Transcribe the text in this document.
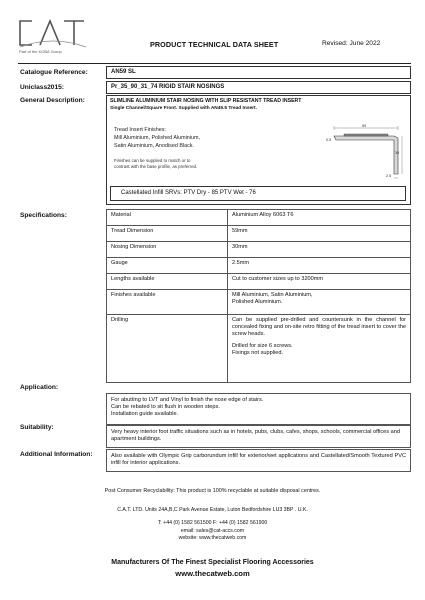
Part of the KOBA Group
PRODUCT TECHNICAL DATA SHEET	Revised: June 2022
Catalogue Reference:	AN59 SL
Uniclass2015:	Pr_35_90_31_74 RIGID STAIR NOSINGS
General Description:	SLIMLINE ALUMINIUM STAIR NOSING WITH SLIP RESISTANT TREAD INSERT
Single Channel/Square Front. Supplied with AN49.5 Tread Insert.
Tread Insert Finishes:
Mill Aluminium, Polished Aluminium,
Satin Aluminium, Anodised Black.
Finishes can be supplied to match or to
contrast with the base profile, as preferred.
59
0.5
30
2.5
Castellated Infill SRVs: PTV Dry - 85 PTV Wet - 76
Specifications:	Material	Aluminium Alloy 6063 T6
Tread Dimension	59mm
Nosing Dimension	30mm
Gauge	2.5mm
Lengths available	Cut to customer sizes up to 3200mm
Finishes available	Mill Aluminium, Satin Aluminium,
Polished Aluminium.

Drilling	Can be supplied pre-drilled and countersunk in the channel for concealed fixing and on-site retro fitting of the tread insert to cover the screw heads.
Drilled for size 6 screws.
Fixings not supplied.
Application:
For abutting to LVT and Vinyl to finish the nose edge of stairs.
Can be rebated to sit flush in wooden steps.
Installation guide available.
Suitability:
Very heavy interior foot traffic situations such as in hotels, pubs, clubs, cafes, shops, schools, commercial offices and apartment buildings.
Additional Information:	Also available with Olympic Grip carborundum infill for exterior/wet applications and Castellated/Smooth Textured PVC infill for interior applications.
Post Consumer Recyclability: This product is 100% recyclable at suitable disposal centres.
C.A.T. LTD. Units 24A,B,C Park Avenue Estate, Luton Bedfordshire LU3 3BP . U.K.
T: +44 (0) 1582 561500 F: +44 (0) 1582 561900
email: sales@cat-accs.com
website: www.thecatweb.com
Manufacturers Of The Finest Specialist Flooring Accessories
www.thecatweb.com
